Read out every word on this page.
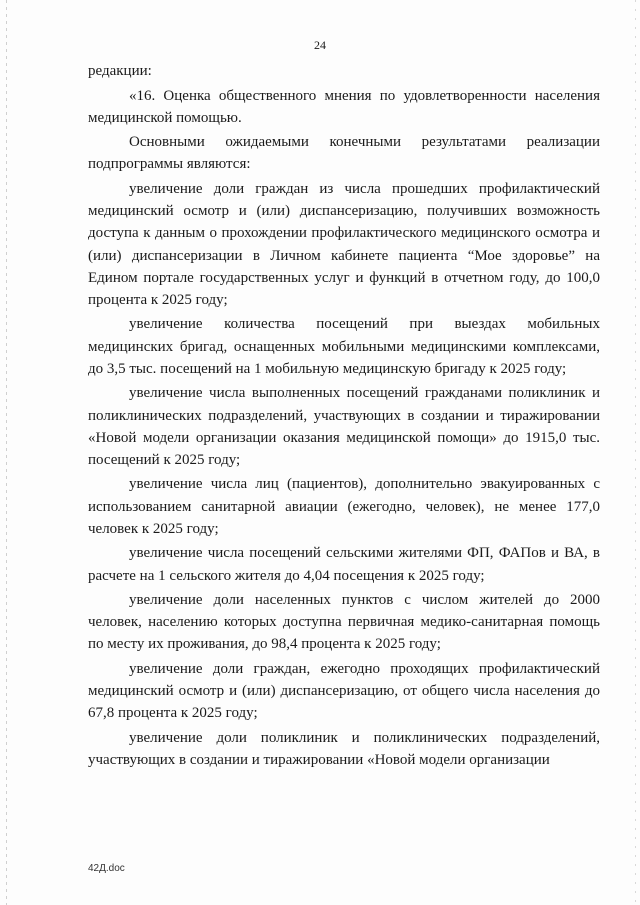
24

редакции:

«16. Оценка общественного мнения по удовлетворенности населения медицинской помощью.

Основными ожидаемыми конечными результатами реализации подпрограммы являются:

увеличение доли граждан из числа прошедших профилактический медицинский осмотр и (или) диспансеризацию, получивших возможность доступа к данным о прохождении профилактического медицинского осмотра и (или) диспансеризации в Личном кабинете пациента “Мое здоровье” на Едином портале государственных услуг и функций в отчетном году, до 100,0 процента к 2025 году;

увеличение количества посещений при выездах мобильных медицинских бригад, оснащенных мобильными медицинскими комплексами, до 3,5 тыс. посещений на 1 мобильную медицинскую бригаду к 2025 году;

увеличение числа выполненных посещений гражданами поликлиник и поликлинических подразделений, участвующих в создании и тиражировании «Новой модели организации оказания медицинской помощи» до 1915,0 тыс. посещений к 2025 году;

увеличение числа лиц (пациентов), дополнительно эвакуированных с использованием санитарной авиации (ежегодно, человек), не менее 177,0 человек к 2025 году;

увеличение числа посещений сельскими жителями ФП, ФАПов и ВА, в расчете на 1 сельского жителя до 4,04 посещения к 2025 году;

увеличение доли населенных пунктов с числом жителей до 2000 человек, населению которых доступна первичная медико-санитарная помощь по месту их проживания, до 98,4 процента к 2025 году;

увеличение доли граждан, ежегодно проходящих профилактический медицинский осмотр и (или) диспансеризацию, от общего числа населения до 67,8 процента к 2025 году;

увеличение доли поликлиник и поликлинических подразделений, участвующих в создании и тиражировании «Новой модели организации

42Д.doc
